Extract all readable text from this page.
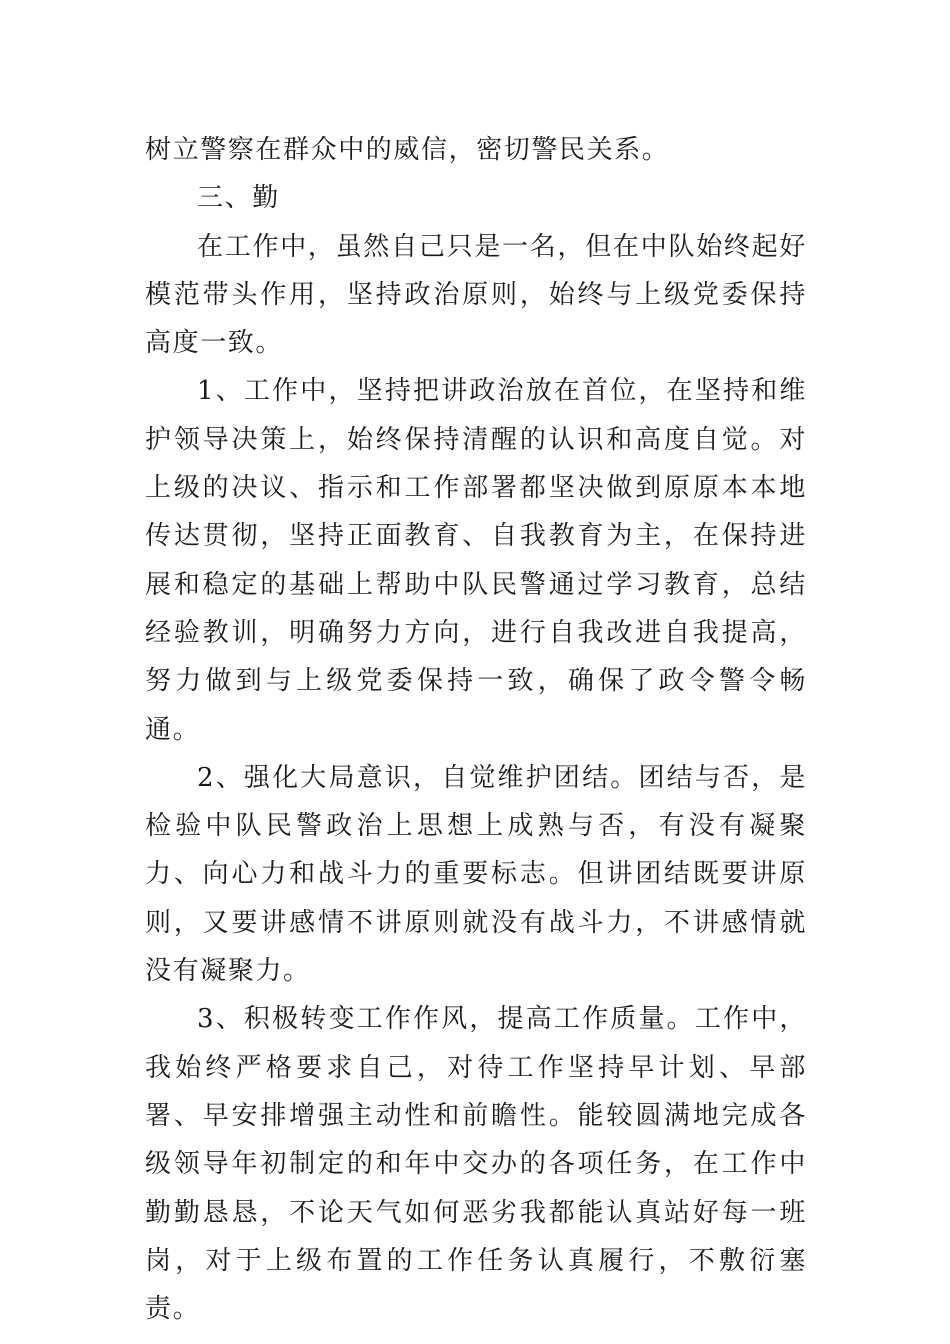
树立警察在群众中的威信，密切警民关系。

三、勤

在工作中，虽然自己只是一名，但在中队始终起好模范带头作用，坚持政治原则，始终与上级党委保持高度一致。

1、工作中，坚持把讲政治放在首位，在坚持和维护领导决策上，始终保持清醒的认识和高度自觉。对上级的决议、指示和工作部署都坚决做到原原本本地传达贯彻，坚持正面教育、自我教育为主，在保持进展和稳定的基础上帮助中队民警通过学习教育，总结经验教训，明确努力方向，进行自我改进自我提高，努力做到与上级党委保持一致，确保了政令警令畅通。

2、强化大局意识，自觉维护团结。团结与否，是检验中队民警政治上思想上成熟与否，有没有凝聚力、向心力和战斗力的重要标志。但讲团结既要讲原则，又要讲感情不讲原则就没有战斗力，不讲感情就没有凝聚力。

3、积极转变工作作风，提高工作质量。工作中，我始终严格要求自己，对待工作坚持早计划、早部署、早安排增强主动性和前瞻性。能较圆满地完成各级领导年初制定的和年中交办的各项任务，在工作中勤勤恳恳，不论天气如何恶劣我都能认真站好每一班岗，对于上级布置的工作任务认真履行，不敷衍塞责。
